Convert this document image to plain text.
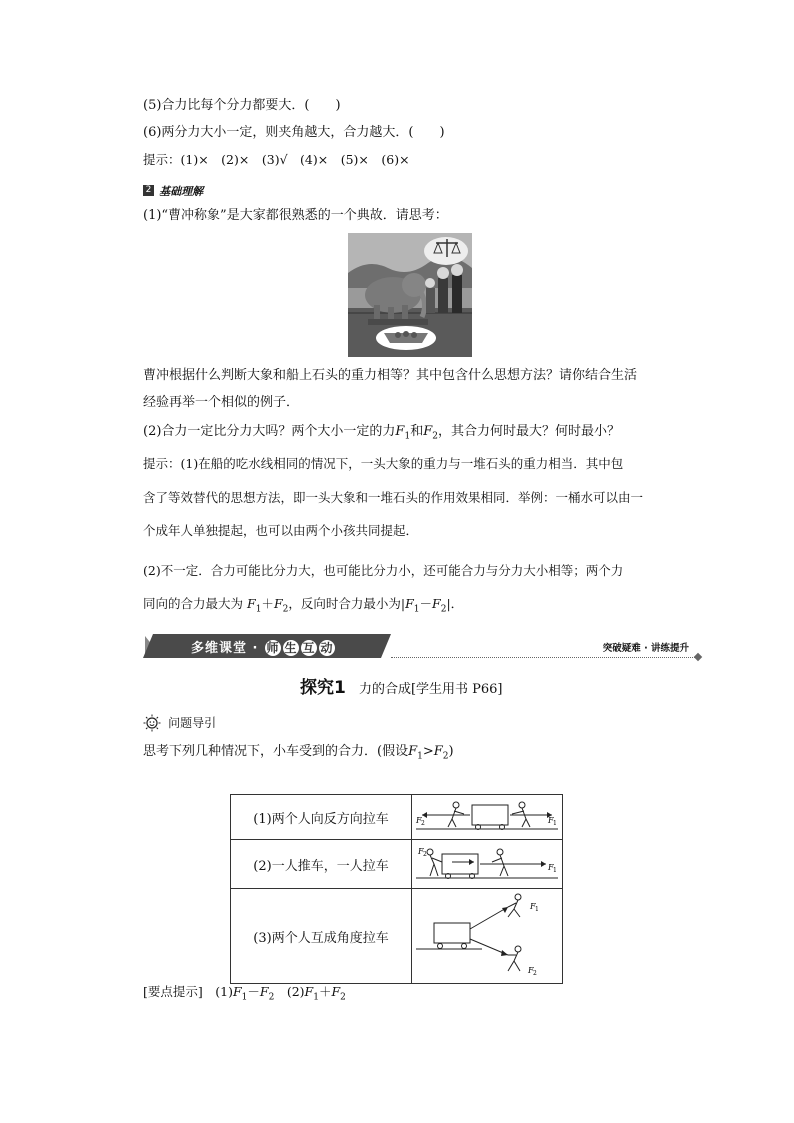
(5)合力比每个分力都要大．(　　)
(6)两分力大小一定，则夹角越大，合力越大．(　　)
提示：(1)×　(2)×　(3)√　(4)×　(5)×　(6)×
2 基础理解
(1)“曹冲称象”是大家都很熟悉的一个典故．请思考：
曹冲根据什么判断大象和船上石头的重力相等？其中包含什么思想方法？请你结合生活
经验再举一个相似的例子．
(2)合力一定比分力大吗？两个大小一定的力$F_1$和$F_2$，其合力何时最大？何时最小？
提示：(1)在船的吃水线相同的情况下，一头大象的重力与一堆石头的重力相当．其中包
含了等效替代的思想方法，即一头大象和一堆石头的作用效果相同．举例：一桶水可以由一
个成年人单独提起，也可以由两个小孩共同提起．
(2)不一定．合力可能比分力大，也可能比分力小，还可能合力与分力大小相等；两个力
同向的合力最大为 $F_1+F_2$，反向时合力最小为$|F_1-F_2|$．
多维课堂 · 师 生 互 动	突破疑难 · 讲练提升
探究1 力的合成[学生用书 P66]
问题导引
思考下列几种情况下，小车受到的合力．(假设$F_1>F_2$)
(1)两个人向反方向拉车	F 2 F 1

(2)一人推车，一人拉车	F 2
F 1

(3)两个人互成角度拉车	F 1
F 2
[要点提示]　$(1)F_1-F_2$　$(2)F_1+F_2$
